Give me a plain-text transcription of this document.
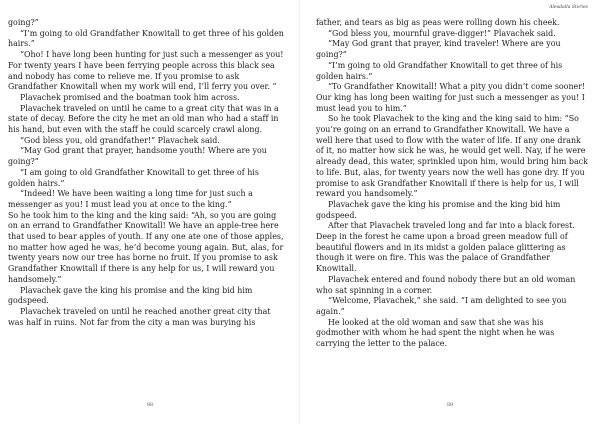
going?”

“I’m going to old Grandfather Knowitall to get three of his golden hairs.”

“Oho! I have long been hunting for just such a messenger as you! For twenty years I have been ferrying people across this black sea and nobody has come to relieve me. If you promise to ask Grandfather Knowitall when my work will end, I’ll ferry you over. ”

Plavachek promised and the boatman took him across.

Plavachek traveled on until he came to a great city that was in a state of decay. Before the city he met an old man who had a staff in his hand, but even with the staff he could scarcely crawl along.

“God bless you, old grandfather!” Plavachek said.

“May God grant that prayer, handsome youth! Where are you going?”

“I am going to old Grandfather Knowitall to get three of his golden hairs.”

“Indeed! We have been waiting a long time for just such a messenger as you! I must lead you at once to the king.”

So he took him to the king and the king said: “Ah, so you are going on an errand to Grandfather Knowitall! We have an apple-tree here that used to bear apples of youth. If any one ate one of those apples, no matter how aged he was, he’d become young again. But, alas, for twenty years now our tree has borne no fruit. If you promise to ask Grandfather Knowitall if there is any help for us, I will reward you handsomely.”

Plavachek gave the king his promise and the king bid him godspeed.

Plavachek traveled on until he reached another great city that was half in ruins. Not far from the city a man was burying his

88
Aleadalla Stories

father, and tears as big as peas were rolling down his cheek.

“God bless you, mournful grave-digger!” Plavachek said.

“May God grant that prayer, kind traveler! Where are you going?”

“I’m going to old Grandfather Knowitall to get three of his golden hairs.”

“To Grandfather Knowitall! What a pity you didn’t come sooner! Our king has long been waiting for just such a messenger as you! I must lead you to him.”

So he took Plavachek to the king and the king said to him: “So you’re going on an errand to Grandfather Knowitall. We have a well here that used to flow with the water of life. If any one drank of it, no matter how sick he was, he would get well. Nay, if he were already dead, this water, sprinkled upon him, would bring him back to life. But, alas, for twenty years now the well has gone dry. If you promise to ask Grandfather Knowitall if there is help for us, I will reward you handsomely.”

Plavachek gave the king his promise and the king bid him godspeed.

After that Plavachek traveled long and far into a black forest. Deep in the forest he came upon a broad green meadow full of beautiful flowers and in its midst a golden palace glittering as though it were on fire. This was the palace of Grandfather Knowitall.

Plavachek entered and found nobody there but an old woman who sat spinning in a corner.

“Welcome, Plavachek,” she said. “I am delighted to see you again.”

He looked at the old woman and saw that she was his godmother with whom he had spent the night when he was carrying the letter to the palace.

89
